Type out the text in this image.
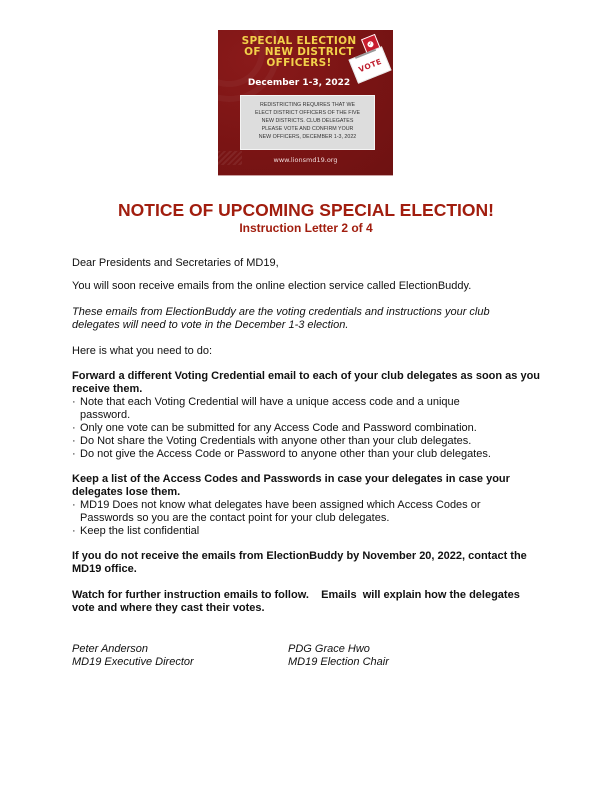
SPECIAL ELECTION
OF NEW DISTRICT
OFFICERS!
✓
VOTE
December 1-3, 2022
REDISTRICTING REQUIRES THAT WE
ELECT DISTRICT OFFICERS OF THE FIVE
NEW DISTRICTS. CLUB DELEGATES
PLEASE VOTE AND CONFIRM YOUR
NEW OFFICERS, DECEMBER 1-3, 2022
www.lionsmd19.org
NOTICE OF UPCOMING SPECIAL ELECTION!
Instruction Letter 2 of 4
Dear Presidents and Secretaries of MD19,
You will soon receive emails from the online election service called ElectionBuddy.
These emails from ElectionBuddy are the voting credentials and instructions your club
delegates will need to vote in the December 1-3 election.
Here is what you need to do:
Forward a different Voting Credential email to each of your club delegates as soon as you
receive them.
· Note that each Voting Credential will have a unique access code and a unique
password.
· Only one vote can be submitted for any Access Code and Password combination.
· Do Not share the Voting Credentials with anyone other than your club delegates.
· Do not give the Access Code or Password to anyone other than your club delegates.
Keep a list of the Access Codes and Passwords in case your delegates in case your
delegates lose them.
· MD19 Does not know what delegates have been assigned which Access Codes or
Passwords so you are the contact point for your club delegates.
· Keep the list confidential
If you do not receive the emails from ElectionBuddy by November 20, 2022, contact the
MD19 office.
Watch for further instruction emails to follow.    Emails  will explain how the delegates
vote and where they cast their votes.
Peter Anderson
MD19 Executive Director
PDG Grace Hwo
MD19 Election Chair
